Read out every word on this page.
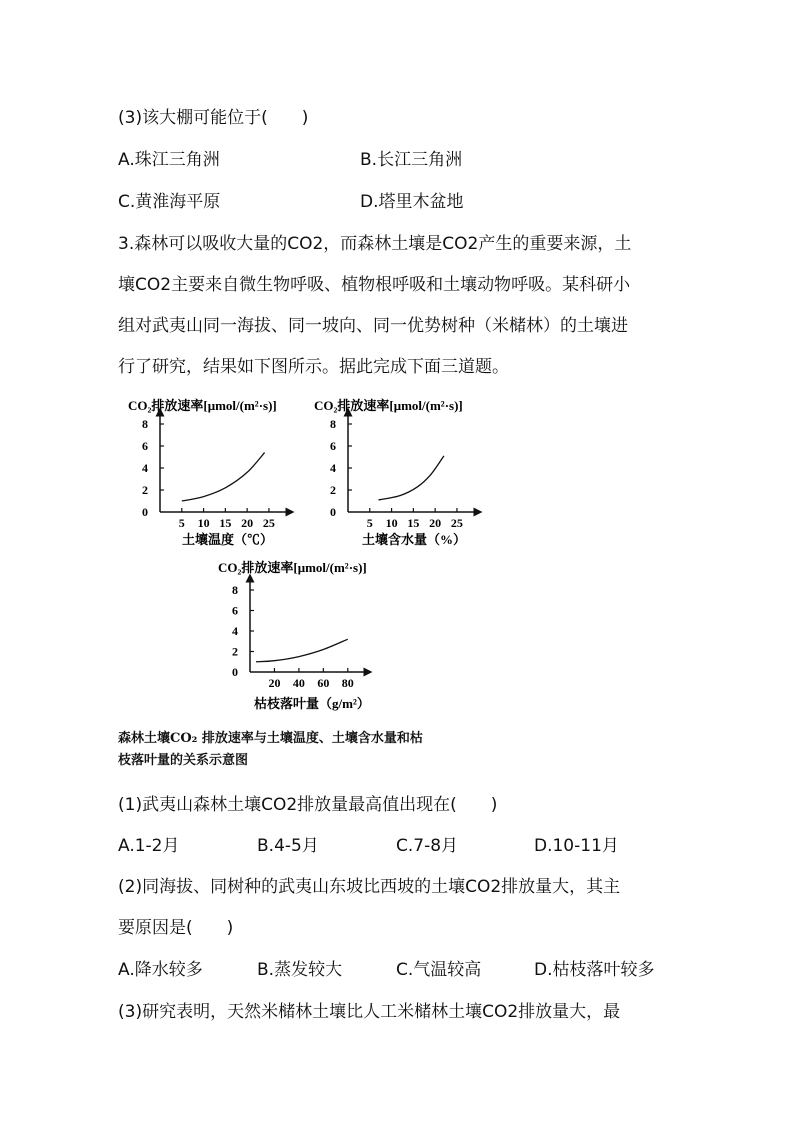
(3)该大棚可能位于(　　)
A.珠江三角洲	B.长江三角洲
C.黄淮海平原	D.塔里木盆地
3.森林可以吸收大量的CO2，而森林土壤是CO2产生的重要来源，土
壤CO2主要来自微生物呼吸、植物根呼吸和土壤动物呼吸。某科研小
组对武夷山同一海拔、同一坡向、同一优势树种（米槠林）的土壤进
行了研究，结果如下图所示。据此完成下面三道题。
CO₂排放速率[μmol/(m²·s)]
0
2
4
6
8
5 10 15 20 25
土壤温度（℃）
CO₂排放速率[μmol/(m²·s)]
0
2
4
6
8
5 10 15 20 25
土壤含水量（%）
CO₂排放速率[μmol/(m²·s)]
0
2
4
6
8
20 40 60 80
枯枝落叶量（g/m²）
森林土壤CO₂ 排放速率与土壤温度、土壤含水量和枯
枝落叶量的关系示意图
(1)武夷山森林土壤CO2排放量最高值出现在(　　)
A.1-2月	B.4-5月	C.7-8月	D.10-11月
(2)同海拔、同树种的武夷山东坡比西坡的土壤CO2排放量大，其主
要原因是(　　)
A.降水较多	B.蒸发较大	C.气温较高	D.枯枝落叶较多
(3)研究表明，天然米槠林土壤比人工米槠林土壤CO2排放量大，最
